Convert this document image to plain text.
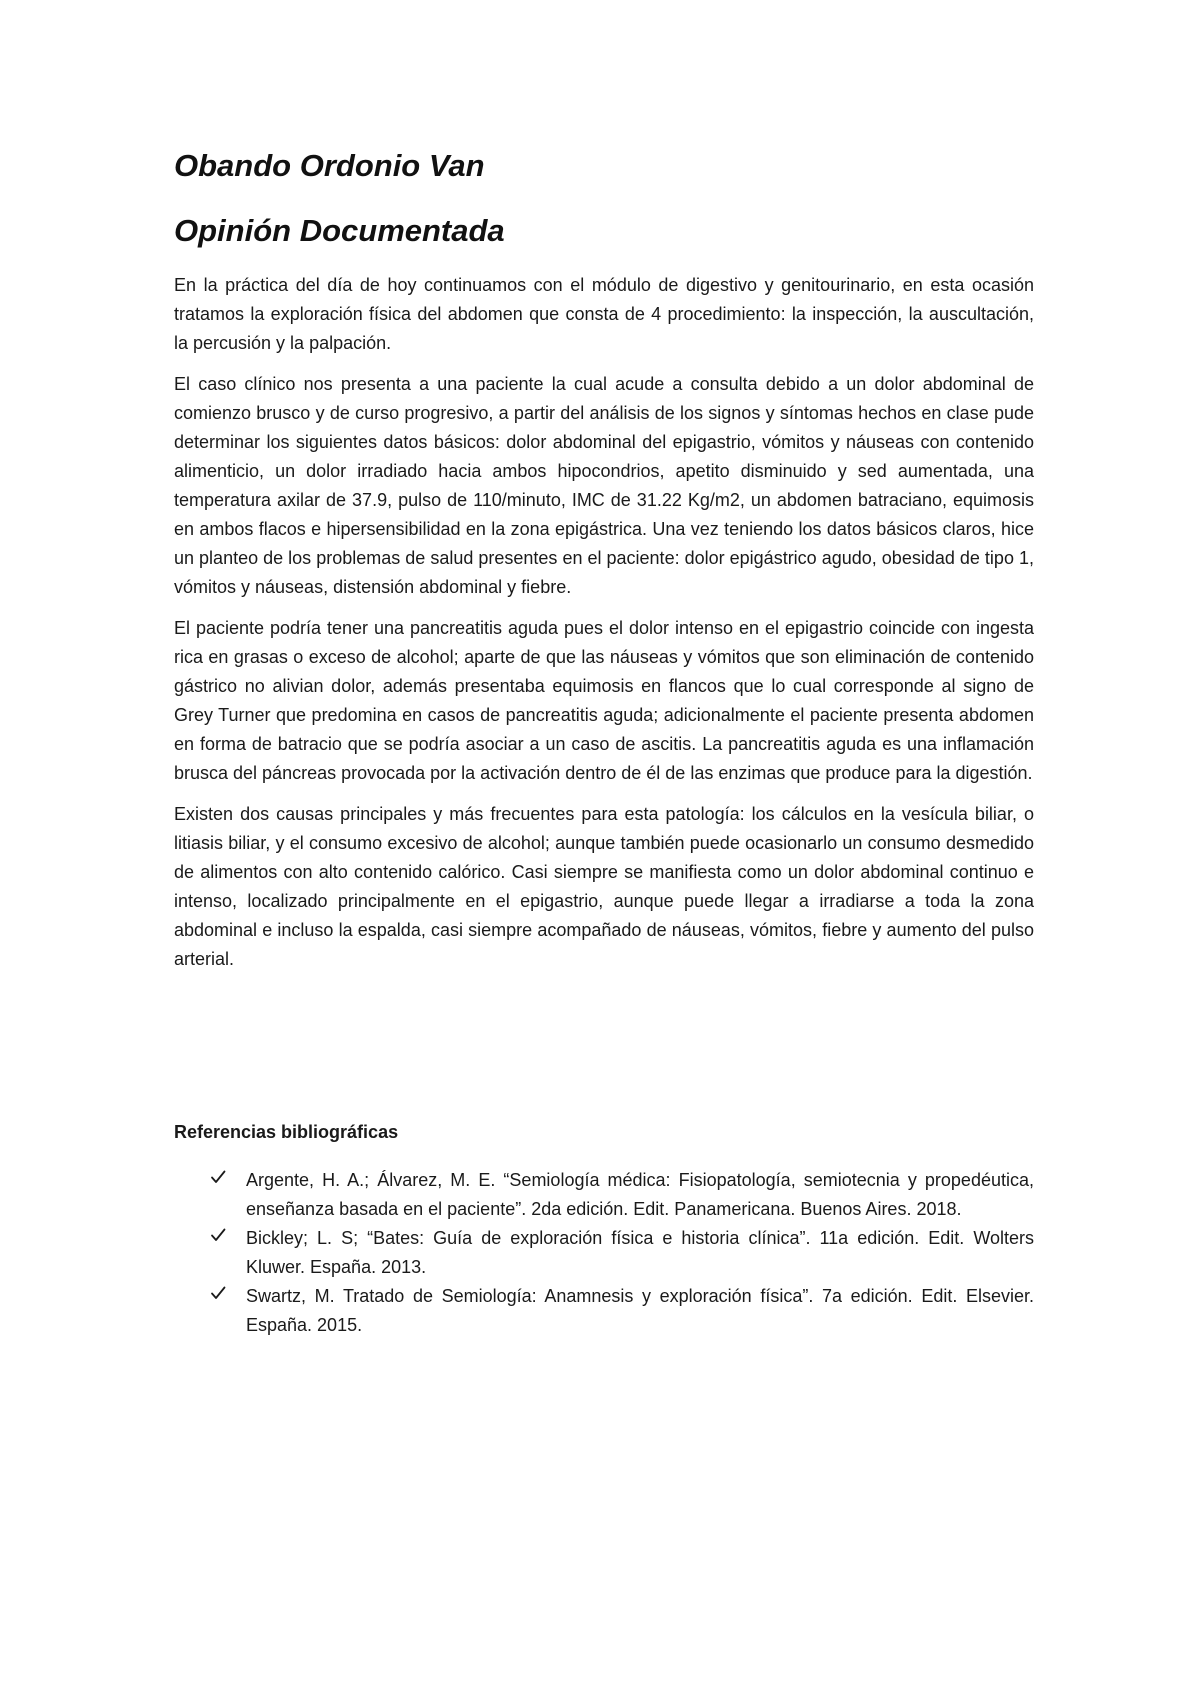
Obando Ordonio Van
Opinión Documentada

En la práctica del día de hoy continuamos con el módulo de digestivo y genitourinario, en esta ocasión tratamos la exploración física del abdomen que consta de 4 procedimiento: la inspección, la auscultación, la percusión y la palpación.

El caso clínico nos presenta a una paciente la cual acude a consulta debido a un dolor abdominal de comienzo brusco y de curso progresivo, a partir del análisis de los signos y síntomas hechos en clase pude determinar los siguientes datos básicos: dolor abdominal del epigastrio, vómitos y náuseas con contenido alimenticio, un dolor irradiado hacia ambos hipocondrios, apetito disminuido y sed aumentada, una temperatura axilar de 37.9, pulso de 110/minuto, IMC de 31.22 Kg/m2, un abdomen batraciano, equimosis en ambos flacos e hipersensibilidad en la zona epigástrica. Una vez teniendo los datos básicos claros, hice un planteo de los problemas de salud presentes en el paciente: dolor epigástrico agudo, obesidad de tipo 1, vómitos y náuseas, distensión abdominal y fiebre.

El paciente podría tener una pancreatitis aguda pues el dolor intenso en el epigastrio coincide con ingesta rica en grasas o exceso de alcohol; aparte de que las náuseas y vómitos que son eliminación de contenido gástrico no alivian dolor, además presentaba equimosis en flancos que lo cual corresponde al signo de Grey Turner que predomina en casos de pancreatitis aguda; adicionalmente el paciente presenta abdomen en forma de batracio que se podría asociar a un caso de ascitis. La pancreatitis aguda es una inflamación brusca del páncreas provocada por la activación dentro de él de las enzimas que produce para la digestión.

Existen dos causas principales y más frecuentes para esta patología: los cálculos en la vesícula biliar, o litiasis biliar, y el consumo excesivo de alcohol; aunque también puede ocasionarlo un consumo desmedido de alimentos con alto contenido calórico. Casi siempre se manifiesta como un dolor abdominal continuo e intenso, localizado principalmente en el epigastrio, aunque puede llegar a irradiarse a toda la zona abdominal e incluso la espalda, casi siempre acompañado de náuseas, vómitos, fiebre y aumento del pulso arterial.

Referencias bibliográficas
Argente, H. A.; Álvarez, M. E. “Semiología médica: Fisiopatología, semiotecnia y propedéutica, enseñanza basada en el paciente”. 2da edición. Edit. Panamericana. Buenos Aires. 2018.
Bickley; L. S; “Bates: Guía de exploración física e historia clínica”. 11a edición. Edit. Wolters Kluwer. España. 2013.
Swartz, M. Tratado de Semiología: Anamnesis y exploración física”. 7a edición. Edit. Elsevier. España. 2015.
